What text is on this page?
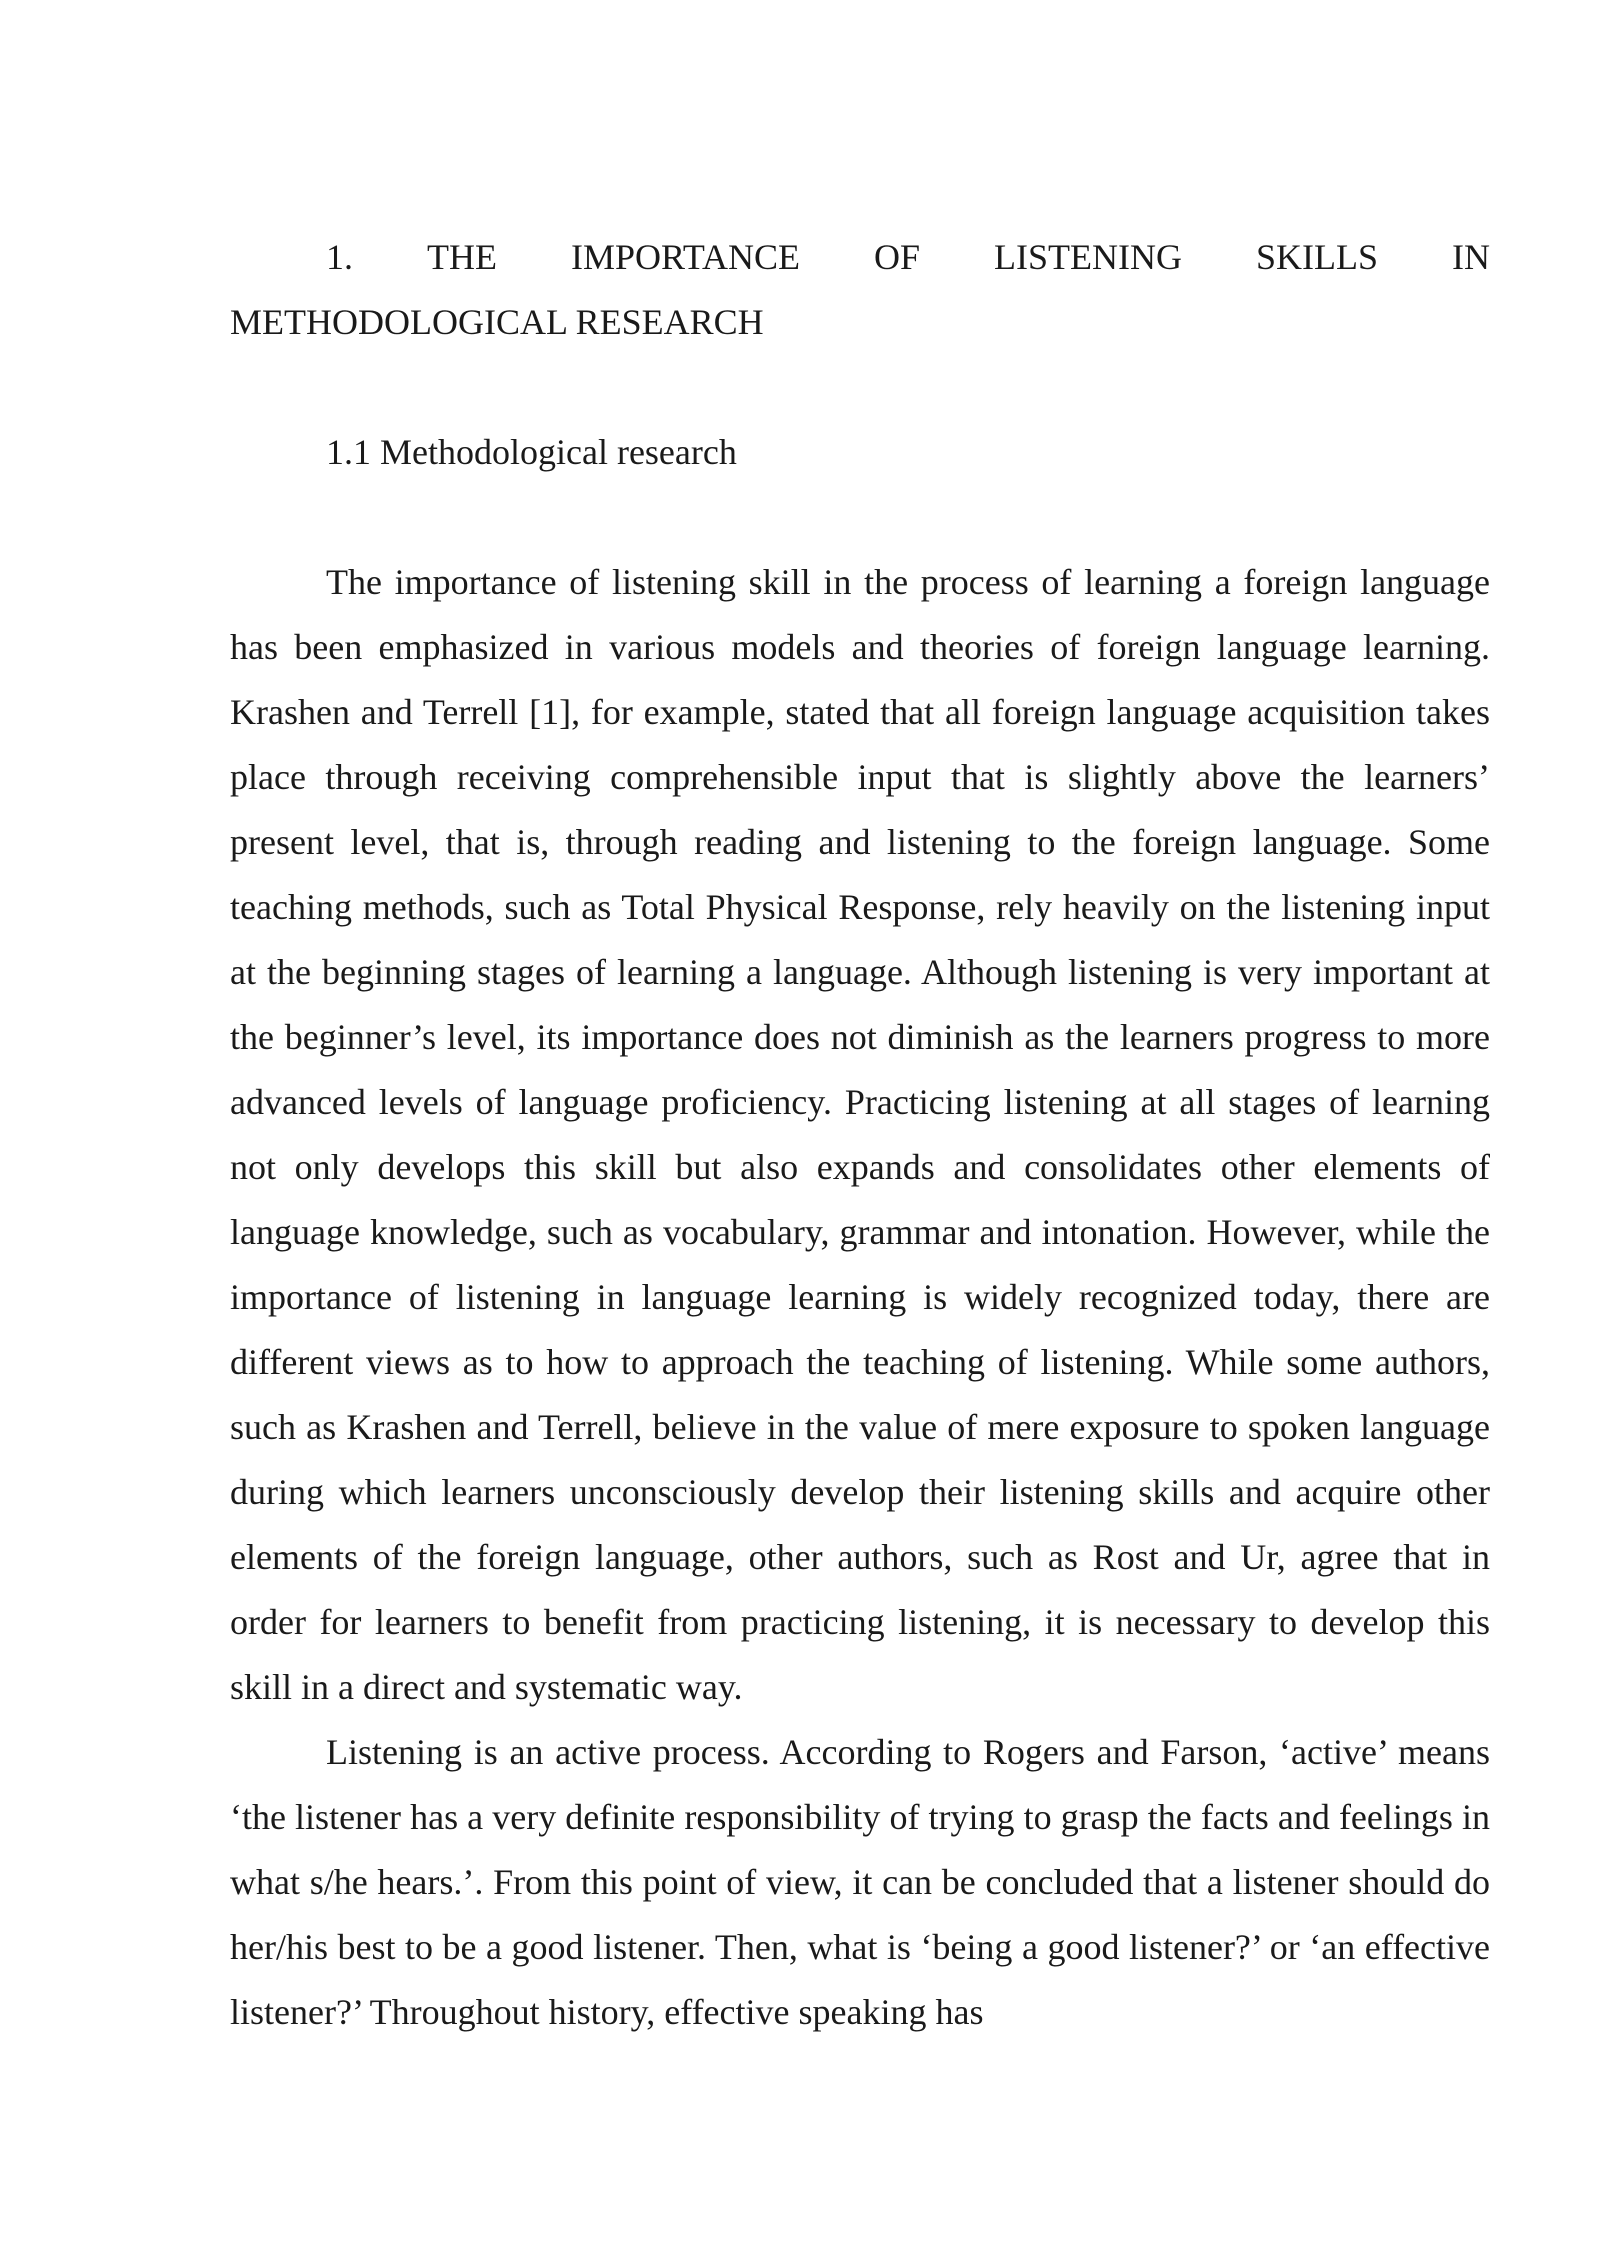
1. THE IMPORTANCE OF LISTENING SKILLS IN
METHODOLOGICAL RESEARCH
1.1 Methodological research

The importance of listening skill in the process of learning a foreign language has been emphasized in various models and theories of foreign language learning. Krashen and Terrell [1], for example, stated that all foreign language acquisition takes place through receiving comprehensible input that is slightly above the learners’ present level, that is, through reading and listening to the foreign language. Some teaching methods, such as Total Physical Response, rely heavily on the listening input at the beginning stages of learning a language. Although listening is very important at the beginner’s level, its importance does not diminish as the learners progress to more advanced levels of language proficiency. Practicing listening at all stages of learning not only develops this skill but also expands and consolidates other elements of language knowledge, such as vocabulary, grammar and intonation. However, while the importance of listening in language learning is widely recognized today, there are different views as to how to approach the teaching of listening. While some authors, such as Krashen and Terrell, believe in the value of mere exposure to spoken language during which learners unconsciously develop their listening skills and acquire other elements of the foreign language, other authors, such as Rost and Ur, agree that in order for learners to benefit from practicing listening, it is necessary to develop this skill in a direct and systematic way.

Listening is an active process. According to Rogers and Farson, ‘active’ means ‘the listener has a very definite responsibility of trying to grasp the facts and feelings in what s/he hears.’. From this point of view, it can be concluded that a listener should do her/his best to be a good listener. Then, what is ‘being a good listener?’ or ‘an effective listener?’ Throughout history, effective speaking has
